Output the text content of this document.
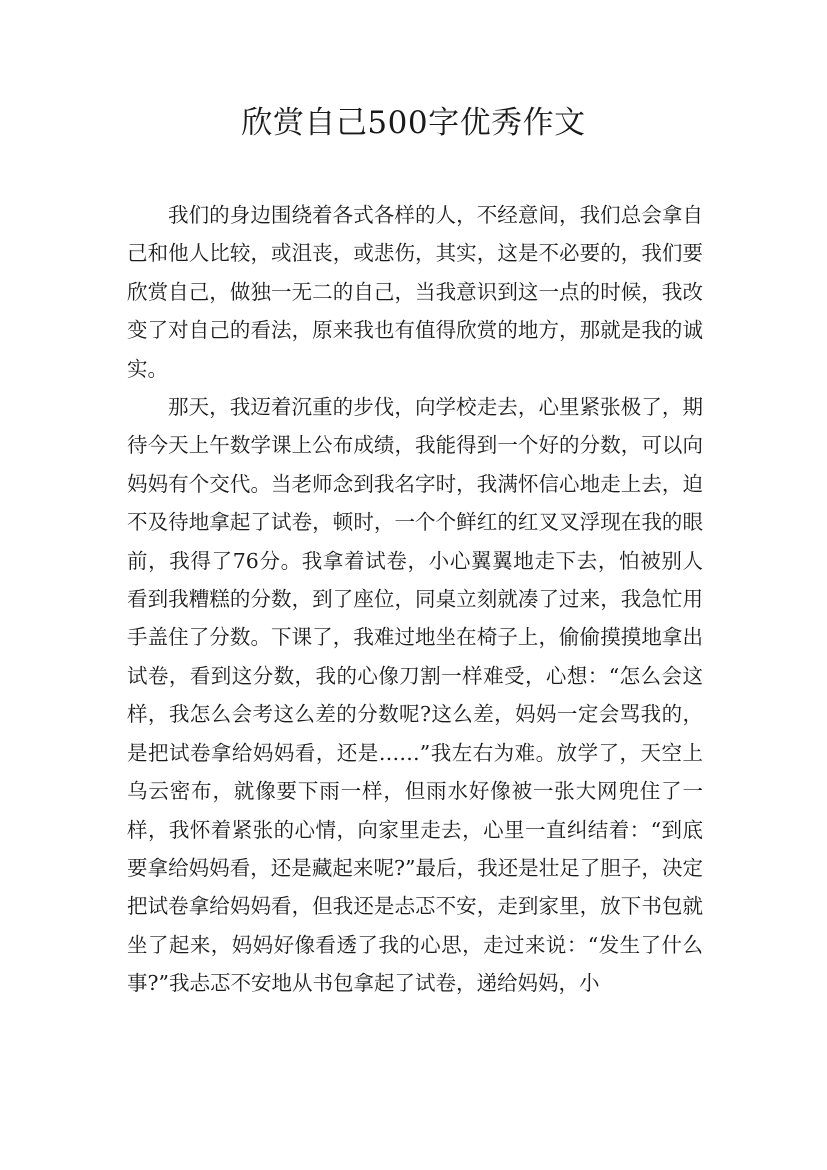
欣赏自己500字优秀作文

我们的身边围绕着各式各样的人，不经意间，我们总会拿自己和他人比较，或沮丧，或悲伤，其实，这是不必要的，我们要欣赏自己，做独一无二的自己，当我意识到这一点的时候，我改变了对自己的看法，原来我也有值得欣赏的地方，那就是我的诚实。

那天，我迈着沉重的步伐，向学校走去，心里紧张极了，期待今天上午数学课上公布成绩，我能得到一个好的分数，可以向妈妈有个交代。当老师念到我名字时，我满怀信心地走上去，迫不及待地拿起了试卷，顿时，一个个鲜红的红叉叉浮现在我的眼前，我得了76分。我拿着试卷，小心翼翼地走下去，怕被别人看到我糟糕的分数，到了座位，同桌立刻就凑了过来，我急忙用手盖住了分数。下课了，我难过地坐在椅子上，偷偷摸摸地拿出试卷，看到这分数，我的心像刀割一样难受，心想：“怎么会这样，我怎么会考这么差的分数呢?这么差，妈妈一定会骂我的，是把试卷拿给妈妈看，还是……”我左右为难。放学了，天空上乌云密布，就像要下雨一样，但雨水好像被一张大网兜住了一样，我怀着紧张的心情，向家里走去，心里一直纠结着：“到底要拿给妈妈看，还是藏起来呢?”最后，我还是壮足了胆子，决定把试卷拿给妈妈看，但我还是忐忑不安，走到家里，放下书包就坐了起来，妈妈好像看透了我的心思，走过来说：“发生了什么事?”我忐忑不安地从书包拿起了试卷，递给妈妈，小
